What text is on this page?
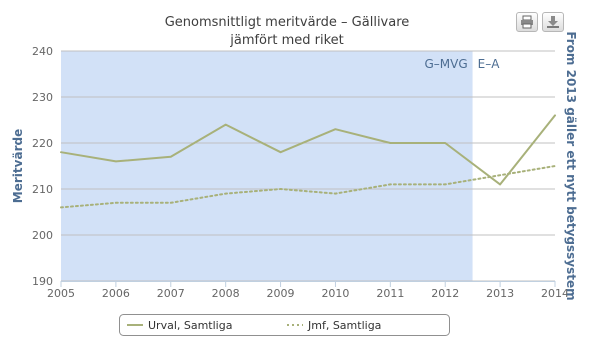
G–MVG E–A
2005 2006 2007 2008 2009 2010 2011 2012 2013 2014
190
200
210
220
230
240
Genomsnittligt meritvärde – Gällivare
jämfört med riket
Meritvärde	From 2013 gäller ett nytt betygssystem
Urval, Samtliga	Jmf, Samtliga
